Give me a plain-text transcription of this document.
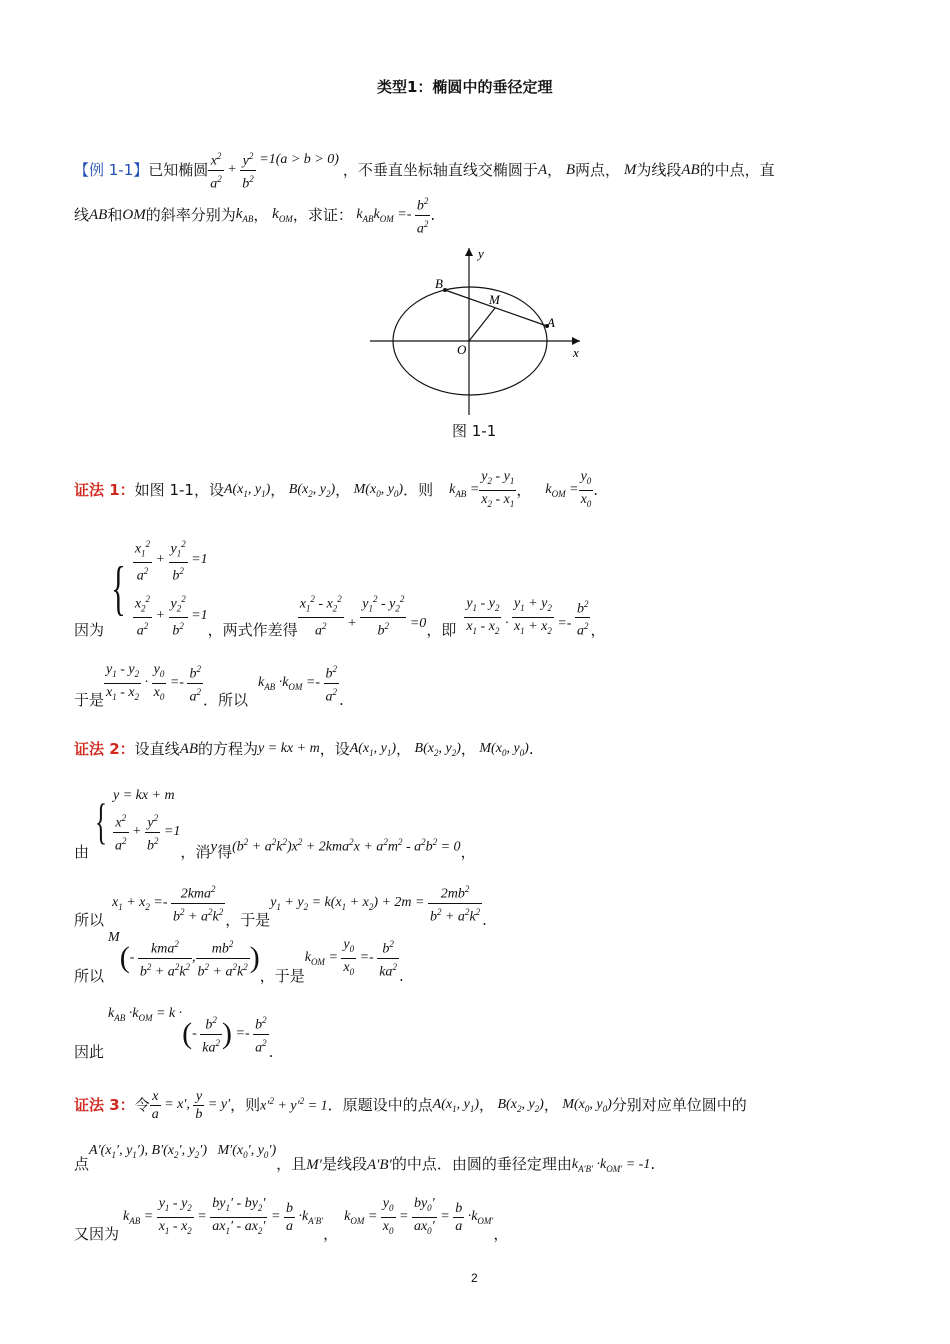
类型1：椭圆中的垂径定理
【例 1-1】 已知椭圆 $\frac{x^2}{a^2} + \frac{y^2}{b^2} =1(a > b > 0)$
，不垂直坐标轴直线交椭圆于 A ， B 两点， M 为线段 AB 的中点，直
线 AB 和 OM 的斜率分别为 $k_{AB}$ ， $k_{OM}$ ，求证： $k_{AB}k_{OM} =- \frac{b^2}{a^2}$ .
x
y
O
A
B
M
图 1-1
证法 1： 如图 1-1，设 $A(x_1$, $y_1$) ， $B(x_2$, $y_2$) ， $M(x_0$, $y_0$) ．则 $k_{AB} = \frac{y_2 - y_1}{x_2 - x_1}$ ， $k_{OM} = \frac{y_0}{x_0}$ .
因为
{ $\frac{x_1^2}{a^2} + \frac{y_1^2}{b^2} =1$
$\frac{x_2^2}{a^2} + \frac{y_2^2}{b^2} =1$
，两式作差得 $\frac{x_1^2 - x_2^2}{a^2} + \frac{y_1^2 - y_2^2}{b^2} =0$ ，即 $\frac{y_1 - y_2}{x_1 - x_2} \cdot \frac{y_1 + y_2}{x_1 + x_2} =- \frac{b^2}{a^2}$ ，
于是 $\frac{y_1 - y_2}{x_1 - x_2} \cdot \frac{y_0}{x_0} =- \frac{b^2}{a^2}$ ．所以
$k_{AB} \cdot k_{OM} =- \frac{b^2}{a^2}$ .
证法 2： 设直线 AB 的方程为 y = kx + m ，设 $A(x_1$, $y_1$) ， $B(x_2$, $y_2$) ， $M(x_0$, $y_0$) .
由
{ y = kx + m
$\frac{x^2}{a^2} + \frac{y^2}{b^2} =1$
，消 y 得 $(b^2 + a^2k^2)x^2 + 2kma^2x + a^2m^2 - a^2b^2 = 0$ ，
所以
$x_1 + x_2 =- \frac{2kma^2}{b^2 + a^2k^2}$ ，于是
$y_1 + y_2 = k(x_1 + x_2) + 2m = \frac{2mb^2}{b^2 + a^2k^2}$ .
所以
M
( - $\frac{kma^2}{b^2 + a^2k^2}$ , $\frac{mb^2}{b^2 + a^2k^2}$ )
，于是
$k_{OM} = \frac{y_0}{x_0} =- \frac{b^2}{ka^2}$ .
因此
$k_{AB} \cdot k_{OM} = k$ ·
( - $\frac{b^2}{ka^2}$ ) =- $\frac{b^2}{a^2}$ .
证法 3： 令 $\frac{x}{a} = x'$, $\frac{y}{b} = y'$ ，则 $x'^2 + y'^2 = 1$ ．原题设中的点 $A(x_1$, $y_1$) ， $B(x_2$, $y_2$) ， $M(x_0$, $y_0$) 分别对应单位圆中的
点
$A'(x_1'$, $y_1'$), $B'(x_2'$, $y_2'$)   $M'(x_0'$, $y_0'$)
，且 M′ 是线段 A′B′ 的中点．由圆的垂径定理由 $k_{A'B'} \cdot k_{OM'} = -1$ .
又因为
$k_{AB} = \frac{y_1 - y_2}{x_1 - x_2} = \frac{by_1' - by_2'}{ax_1' - ax_2'} = \frac{b}{a} \cdot k_{A'B'}$
，
$k_{OM} = \frac{y_0}{x_0} = \frac{by_0'}{ax_0'} = \frac{b}{a} \cdot k_{OM'}$
，
2
